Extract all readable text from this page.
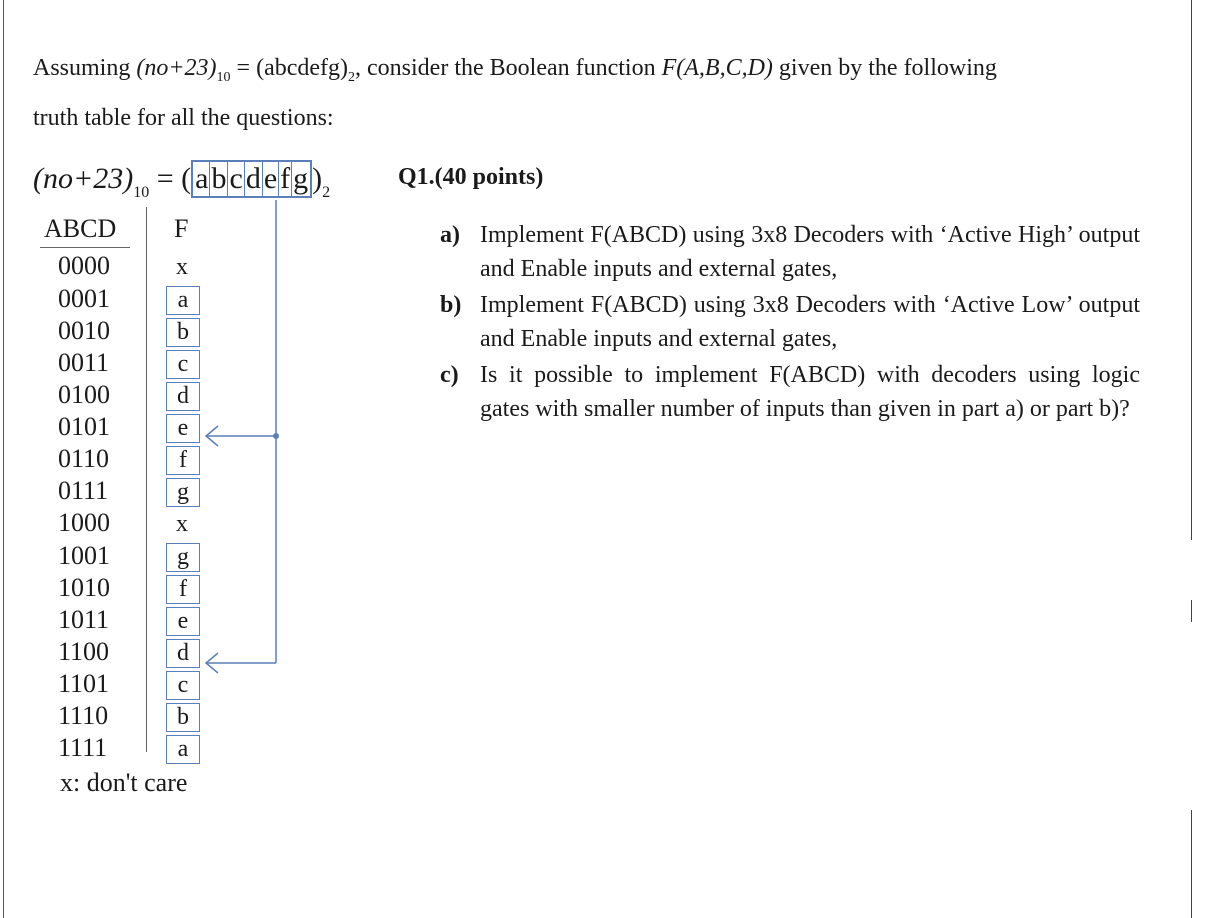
Assuming $(no+23)_{10}$ = $(abcdefg)_2$, consider the Boolean function F(A,B,C,D) given by the following

truth table for all the questions:

$(no+23)_{10}$ = ( a b c d e f g )$_2$
ABCD F
0000	x
0001	a
0010	b
0011	c
0100	d
0101	e
0110	f
0111	g
1000	x
1001	g
1010	f
1011	e
1100	d
1101	c
1110	b
1111	a
x: don't care
Q1.(40 points)
a) Implement F(ABCD) using 3x8 Decoders with ‘Active High’ output and Enable inputs and external gates,
b) Implement F(ABCD) using 3x8 Decoders with ‘Active Low’ output and Enable inputs and external gates,
c) Is it possible to implement F(ABCD) with decoders using logic gates with smaller number of inputs than given in part a) or part b)?
